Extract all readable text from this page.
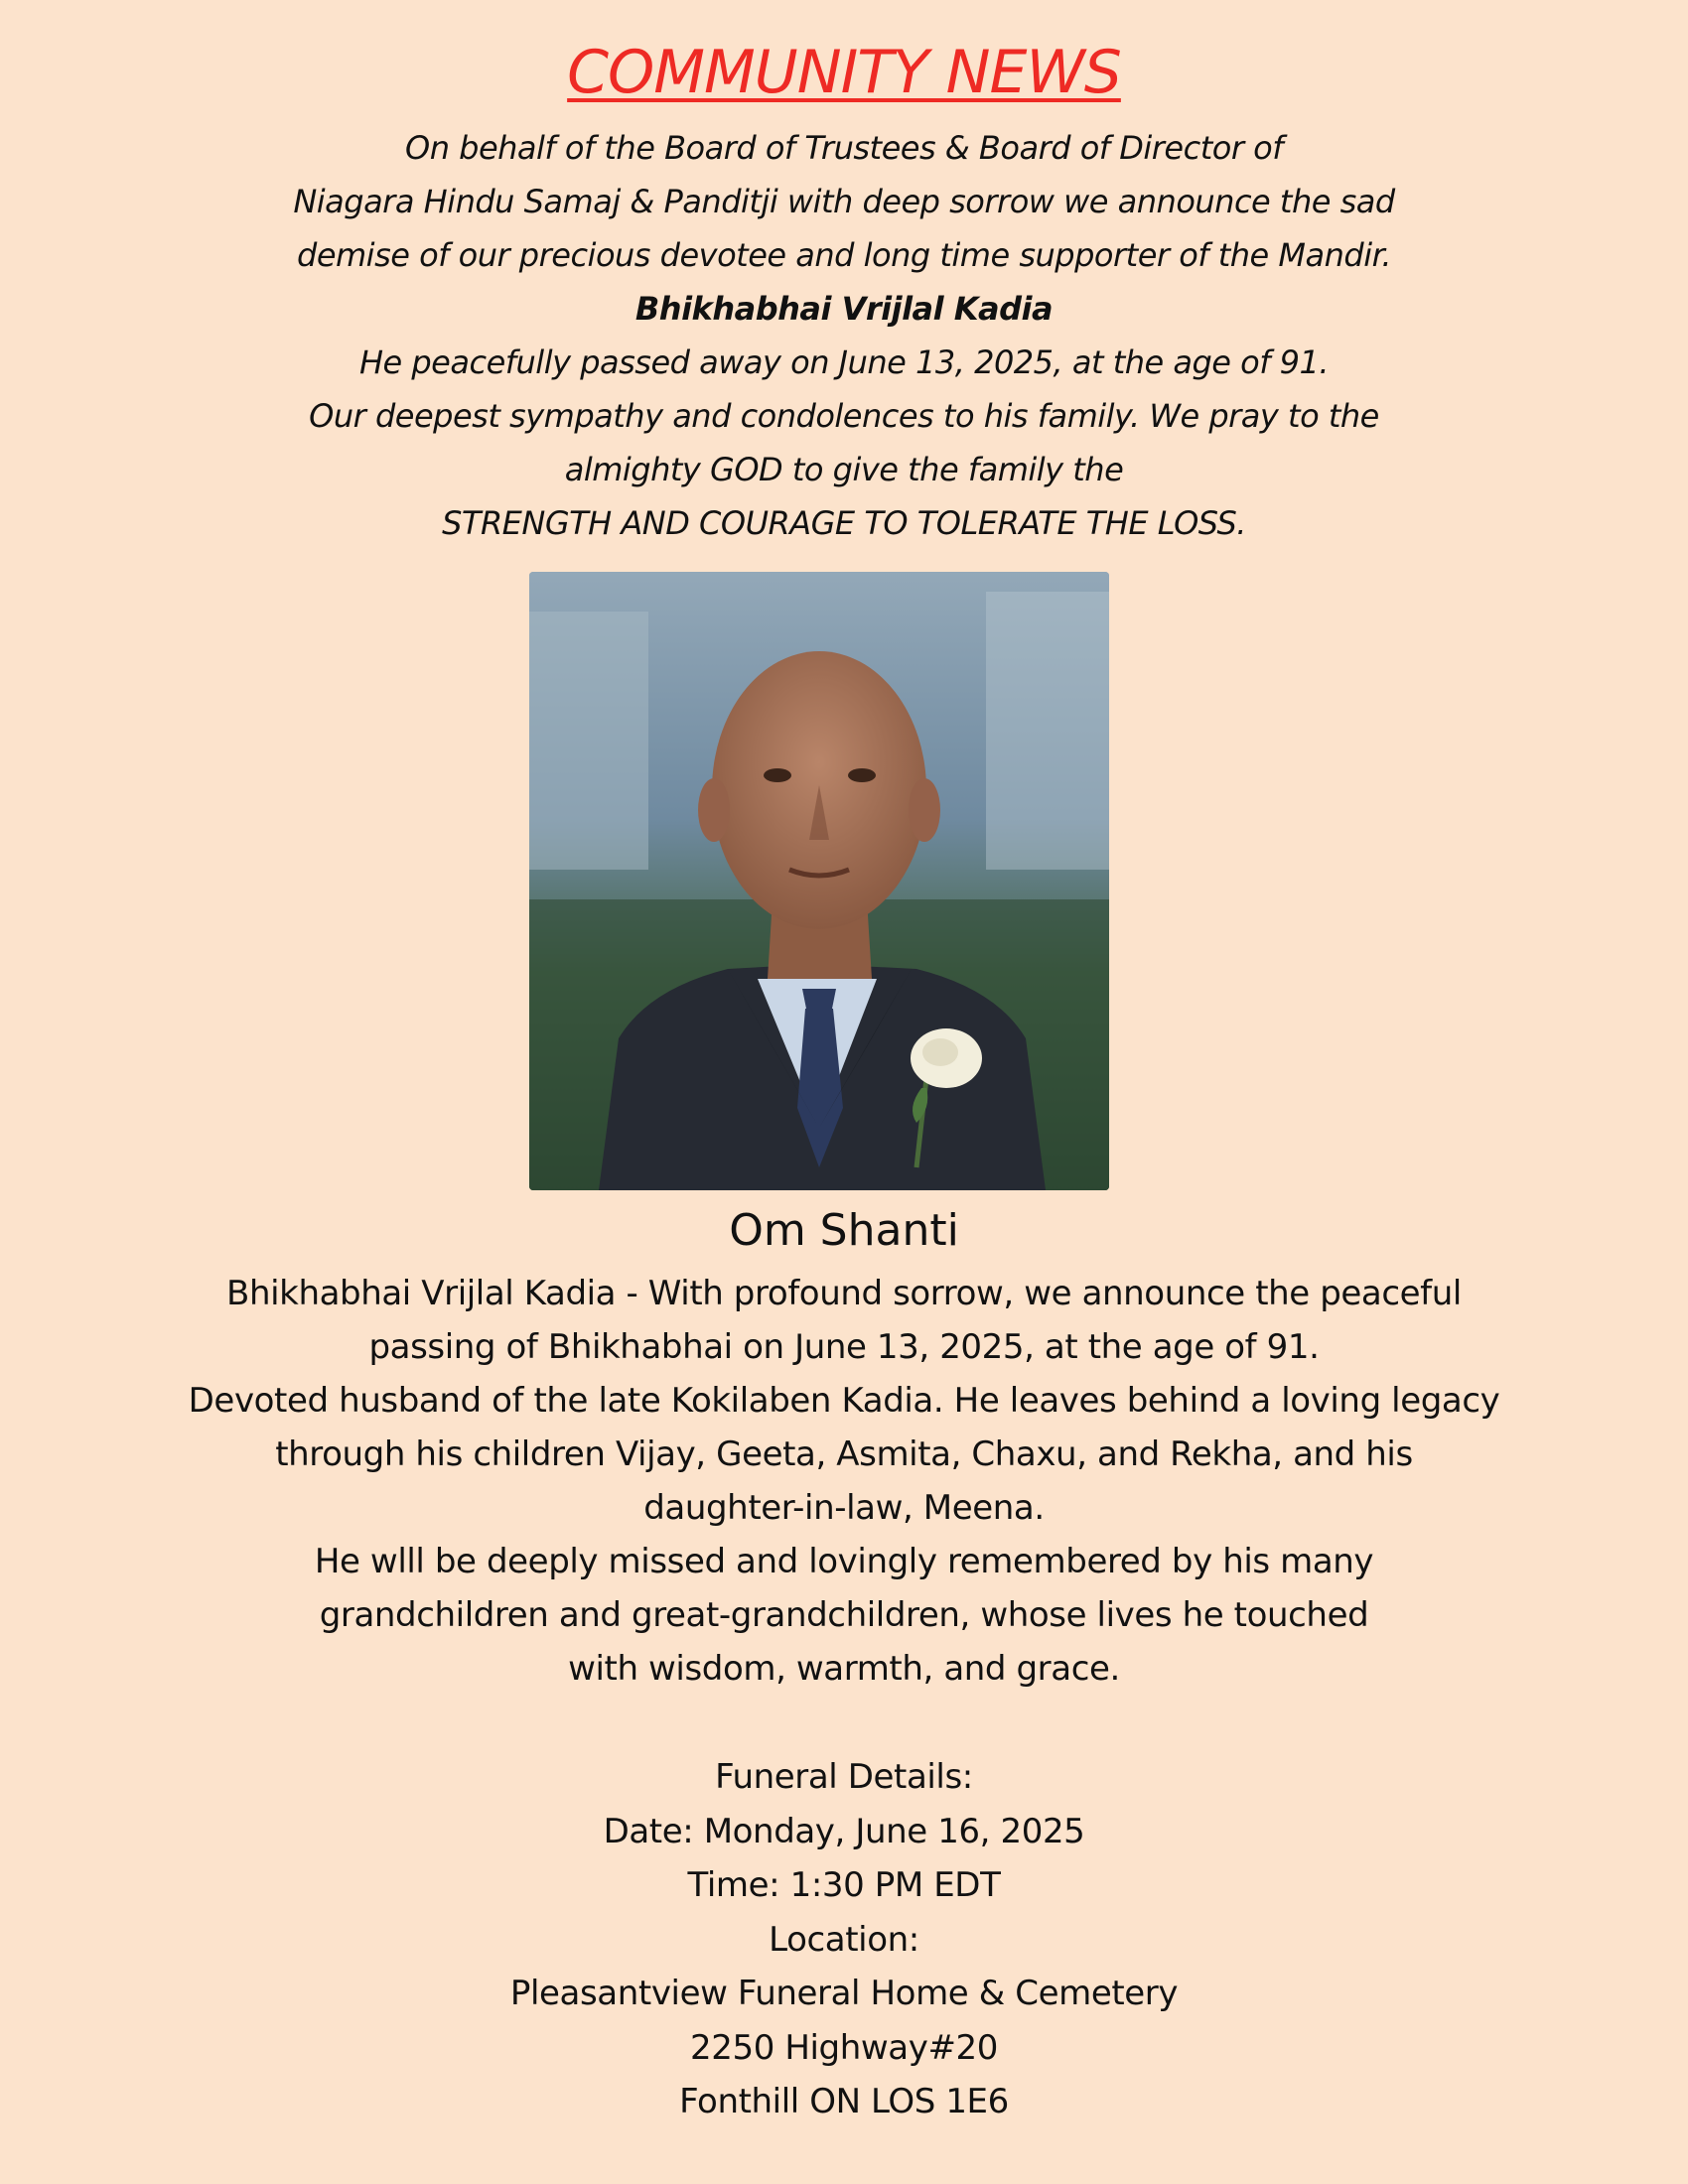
COMMUNITY NEWS
On behalf of the Board of Trustees & Board of Director of
Niagara Hindu Samaj & Panditji with deep sorrow we announce the sad
demise of our precious devotee and long time supporter of the Mandir.
Bhikhabhai Vrijlal Kadia
He peacefully passed away on June 13, 2025, at the age of 91.
Our deepest sympathy and condolences to his family. We pray to the
almighty GOD to give the family the
STRENGTH AND COURAGE TO TOLERATE THE LOSS.
Om Shanti
Bhikhabhai Vrijlal Kadia - With profound sorrow, we announce the peaceful
passing of Bhikhabhai on June 13, 2025, at the age of 91.
Devoted husband of the late Kokilaben Kadia. He leaves behind a loving legacy
through his children Vijay, Geeta, Asmita, Chaxu, and Rekha, and his
daughter-in-law, Meena.
He wlll be deeply missed and lovingly remembered by his many
grandchildren and great-grandchildren, whose lives he touched
with wisdom, warmth, and grace.
Funeral Details:
Date: Monday, June 16, 2025
Time: 1:30 PM EDT
Location:
Pleasantview Funeral Home & Cemetery
2250 Highway#20
Fonthill ON LOS 1E6
